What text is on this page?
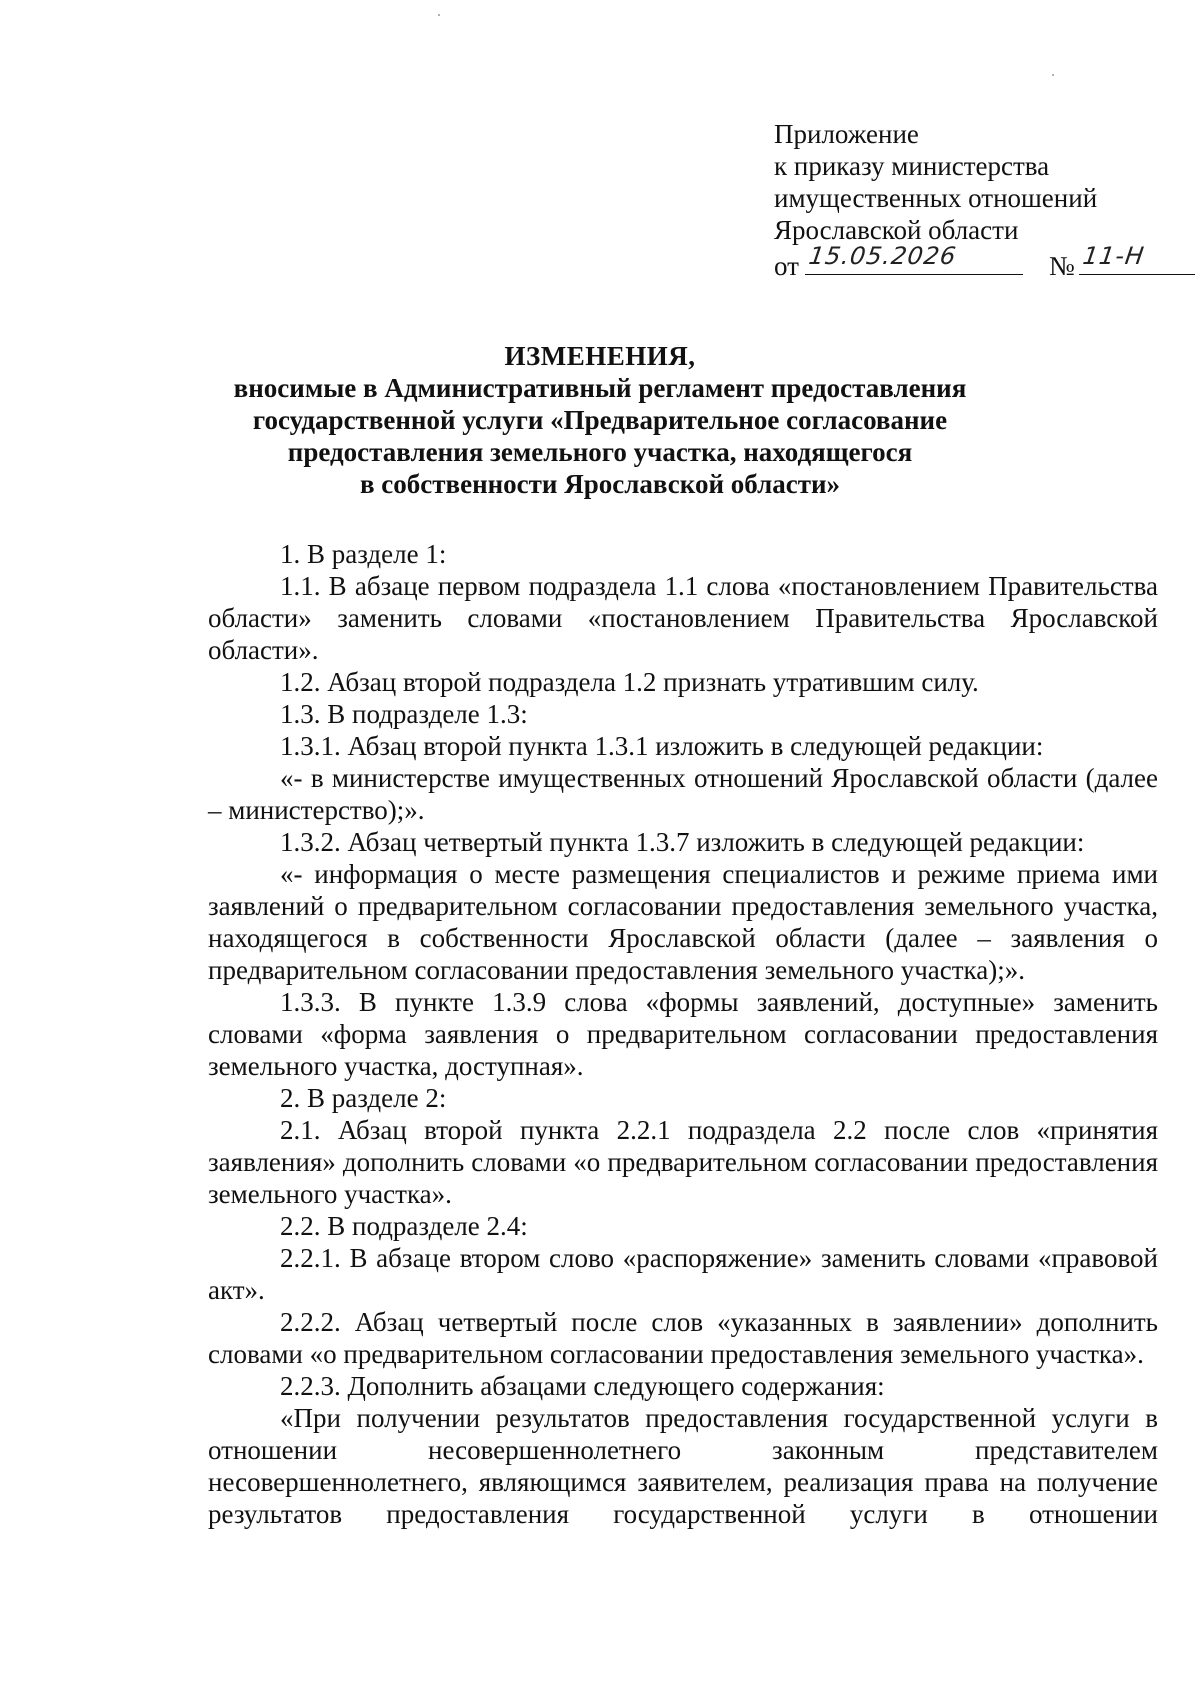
Приложение
к приказу министерства
имущественных отношений
Ярославской области
от 15.05.2026	№ 11-Н
ИЗМЕНЕНИЯ,
вносимые в Административный регламент предоставления
государственной услуги «Предварительное согласование
предоставления земельного участка, находящегося
в собственности Ярославской области»

1. В разделе 1:

1.1. В абзаце первом подраздела 1.1 слова «постановлением Правительства области» заменить словами «постановлением Правительства Ярославской области».

1.2. Абзац второй подраздела 1.2 признать утратившим силу.

1.3. В подразделе 1.3:

1.3.1. Абзац второй пункта 1.3.1 изложить в следующей редакции:

«- в министерстве имущественных отношений Ярославской области (далее – министерство);».

1.3.2. Абзац четвертый пункта 1.3.7 изложить в следующей редакции:

«- информация о месте размещения специалистов и режиме приема ими заявлений о предварительном согласовании предоставления земельного участка, находящегося в собственности Ярославской области (далее – заявления о предварительном согласовании предоставления земельного участка);».

1.3.3. В пункте 1.3.9 слова «формы заявлений, доступные» заменить словами «форма заявления о предварительном согласовании предоставления земельного участка, доступная».

2. В разделе 2:

2.1. Абзац второй пункта 2.2.1 подраздела 2.2 после слов «принятия заявления» дополнить словами «о предварительном согласовании предоставления земельного участка».

2.2. В подразделе 2.4:

2.2.1. В абзаце втором слово «распоряжение» заменить словами «правовой акт».

2.2.2. Абзац четвертый после слов «указанных в заявлении» дополнить словами «о предварительном согласовании предоставления земельного участка».

2.2.3. Дополнить абзацами следующего содержания:

«При получении результатов предоставления государственной услуги в отношении несовершеннолетнего законным представителем несовершеннолетнего, являющимся заявителем, реализация права на получение результатов предоставления государственной услуги в отношении
